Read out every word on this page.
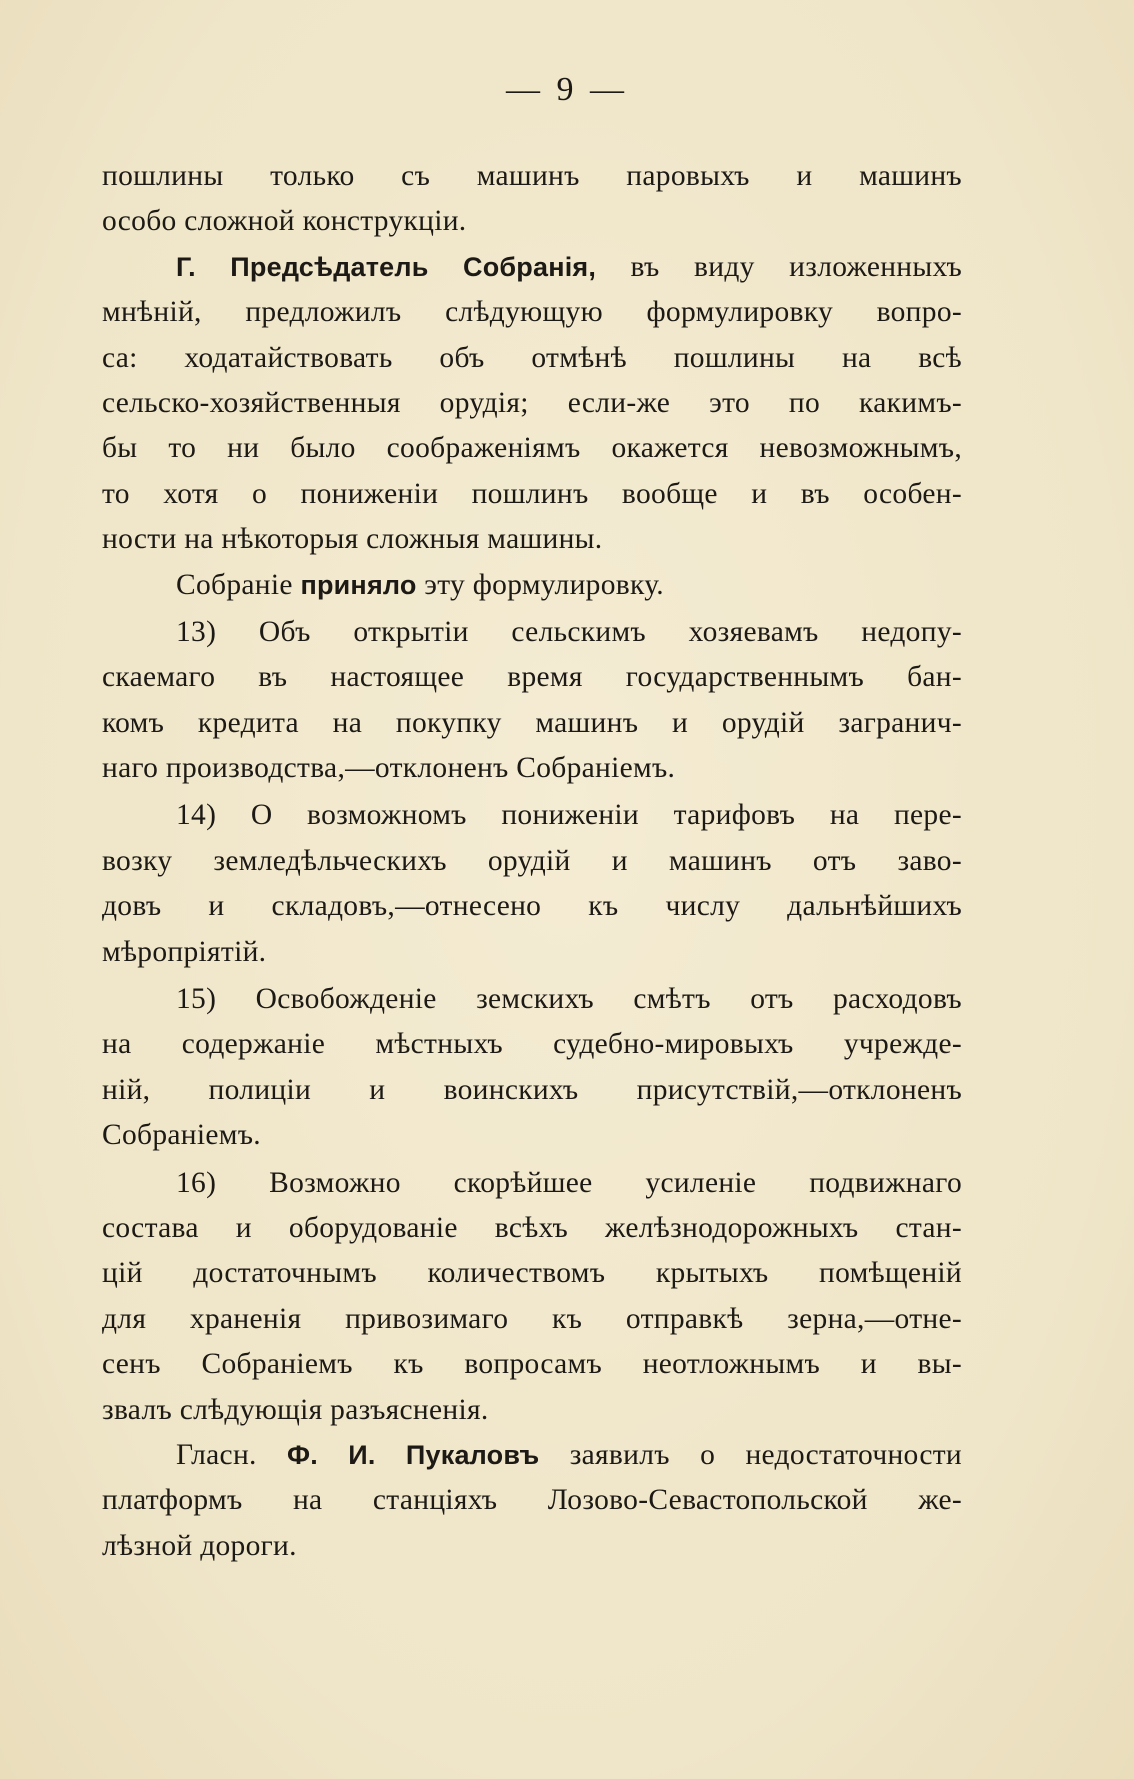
— 9 —
пошлины только съ машинъ паровыхъ и машинъ
особо сложной конструкціи.
Г. Предсѣдатель Собранія, въ виду изложенныхъ
мнѣній, предложилъ слѣдующую формулировку вопро-
са: ходатайствовать объ отмѣнѣ пошлины на всѣ
сельско-хозяйственныя орудія; если-же это по какимъ-
бы то ни было соображеніямъ окажется невозможнымъ,
то хотя о пониженіи пошлинъ вообще и въ особен-
ности на нѣкоторыя сложныя машины.
Собраніе приняло эту формулировку.
13) Объ открытіи сельскимъ хозяевамъ недопу-
скаемаго въ настоящее время государственнымъ бан-
комъ кредита на покупку машинъ и орудій загранич-
наго производства,—отклоненъ Собраніемъ.
14) О возможномъ пониженіи тарифовъ на пере-
возку земледѣльческихъ орудій и машинъ отъ заво-
довъ и складовъ,—отнесено къ числу дальнѣйшихъ
мѣропріятій.
15) Освобожденіе земскихъ смѣтъ отъ расходовъ
на содержаніе мѣстныхъ судебно-мировыхъ учрежде-
ній, полиціи и воинскихъ присутствій,—отклоненъ
Собраніемъ.
16) Возможно скорѣйшее усиленіе подвижнаго
состава и оборудованіе всѣхъ желѣзнодорожныхъ стан-
цій достаточнымъ количествомъ крытыхъ помѣщеній
для храненія привозимаго къ отправкѣ зерна,—отне-
сенъ Собраніемъ къ вопросамъ неотложнымъ и вы-
звалъ слѣдующія разъясненія.
Гласн. Ф. И. Пукаловъ заявилъ о недостаточности
платформъ на станціяхъ Лозово-Севастопольской же-
лѣзной дороги.
